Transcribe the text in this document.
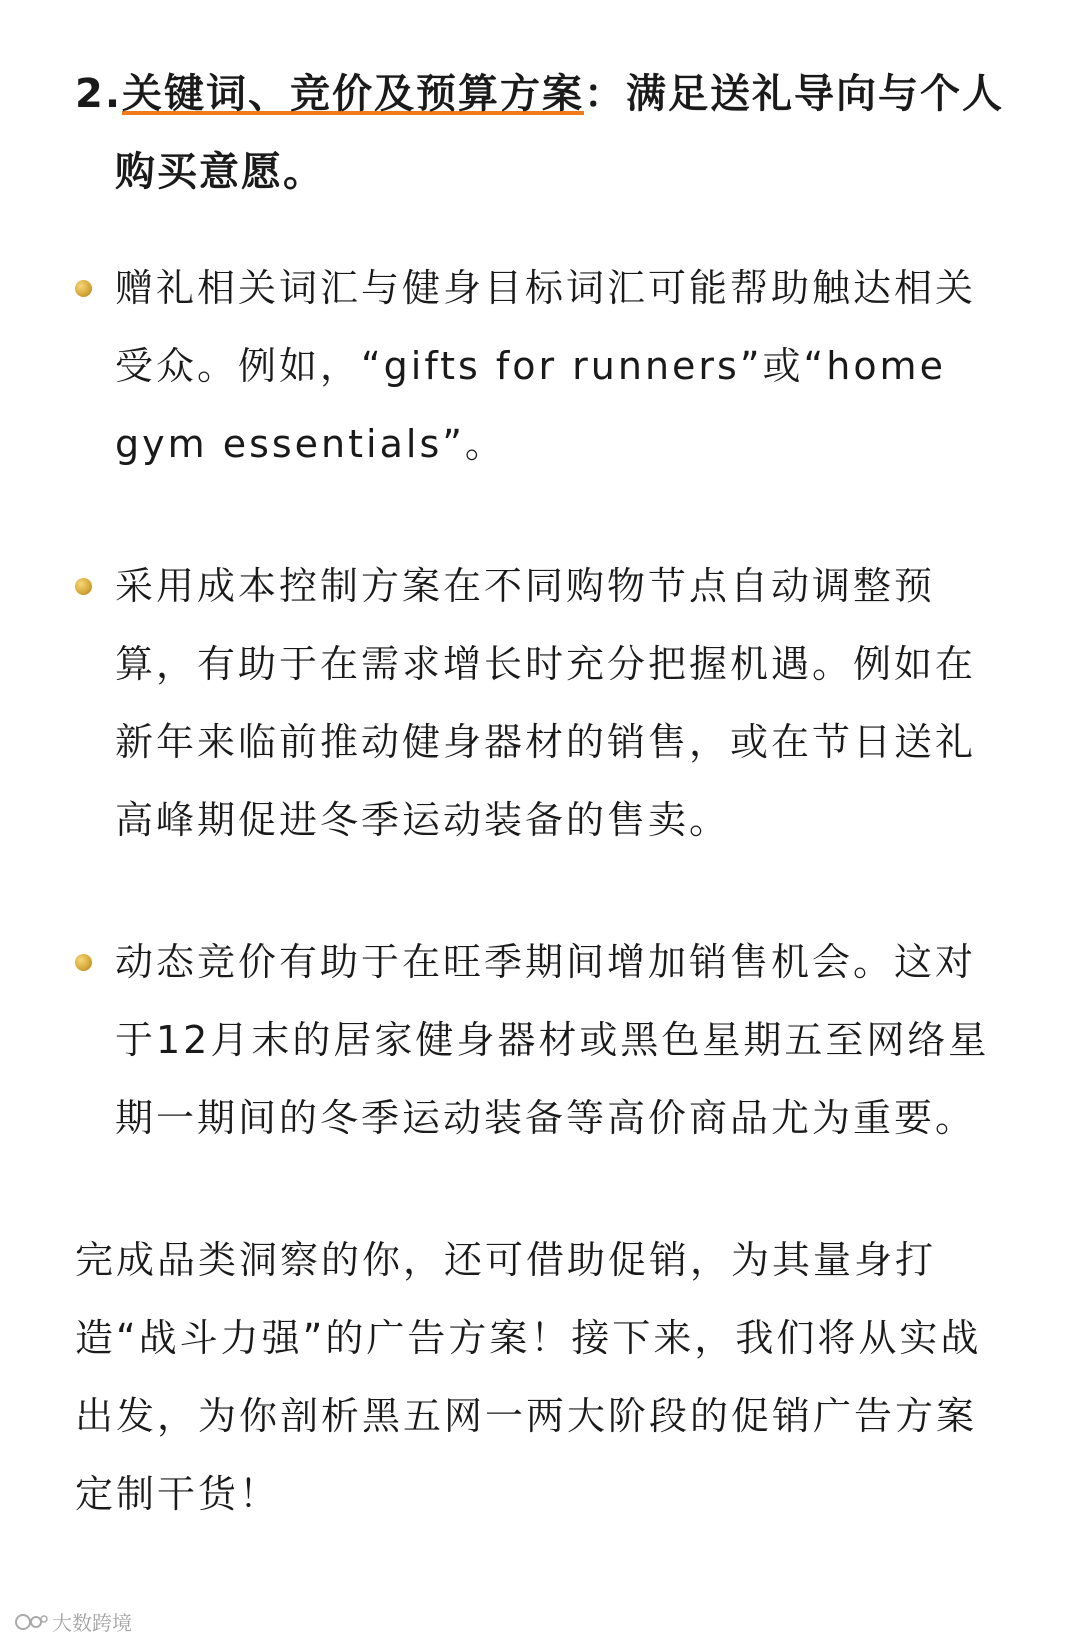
2.关键词、竞价及预算方案：满足送礼导向与个人购买意愿。
赠礼相关词汇与健身目标词汇可能帮助触达相关受众。例如，“gifts for runners”或“home gym essentials”。
采用成本控制方案在不同购物节点自动调整预算，有助于在需求增长时充分把握机遇。例如在新年来临前推动健身器材的销售，或在节日送礼高峰期促进冬季运动装备的售卖。
动态竞价有助于在旺季期间增加销售机会。这对于12月末的居家健身器材或黑色星期五至网络星期一期间的冬季运动装备等高价商品尤为重要。

完成品类洞察的你，还可借助促销，为其量身打造“战斗力强”的广告方案！接下来，我们将从实战出发，为你剖析黑五网一两大阶段的促销广告方案定制干货！

大数跨境
